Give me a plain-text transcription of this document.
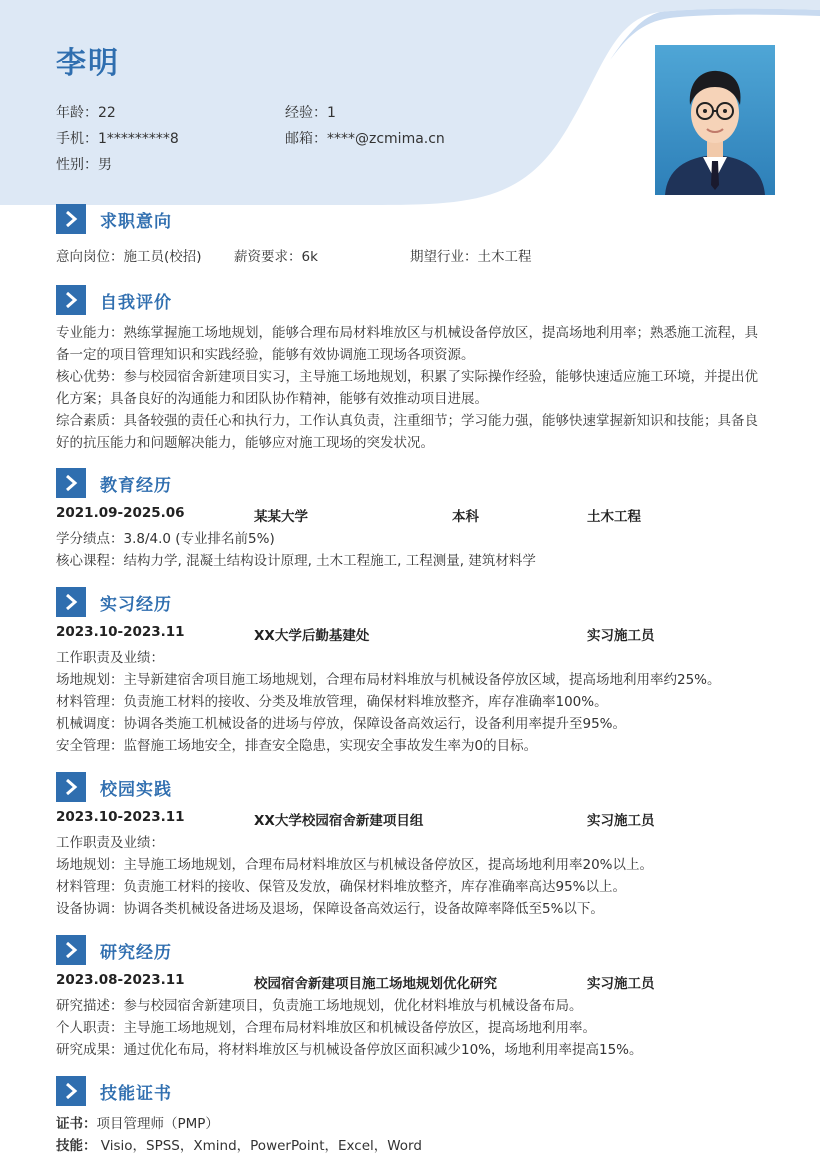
李明
年龄：22	经验：1
手机：1*********8	邮箱：****@zcmima.cn
性别：男
求职意向
意向岗位：施工员(校招) 薪资要求：6k	期望行业：土木工程
自我评价
专业能力：熟练掌握施工场地规划，能够合理布局材料堆放区与机械设备停放区，提高场地利用率；熟悉施工流程，具备一定的项目管理知识和实践经验，能够有效协调施工现场各项资源。
核心优势：参与校园宿舍新建项目实习，主导施工场地规划，积累了实际操作经验，能够快速适应施工环境，并提出优化方案；具备良好的沟通能力和团队协作精神，能够有效推动项目进展。
综合素质：具备较强的责任心和执行力，工作认真负责，注重细节；学习能力强，能够快速掌握新知识和技能；具备良好的抗压能力和问题解决能力，能够应对施工现场的突发状况。
教育经历
2021.09-2025.06	某某大学	本科	土木工程
学分绩点：3.8/4.0 (专业排名前5%)
核心课程：结构力学, 混凝土结构设计原理, 土木工程施工, 工程测量, 建筑材料学
实习经历
2023.10-2023.11	XX大学后勤基建处	实习施工员
工作职责及业绩：
场地规划：主导新建宿舍项目施工场地规划，合理布局材料堆放与机械设备停放区域，提高场地利用率约25%。
材料管理：负责施工材料的接收、分类及堆放管理，确保材料堆放整齐，库存准确率100%。
机械调度：协调各类施工机械设备的进场与停放，保障设备高效运行，设备利用率提升至95%。
安全管理：监督施工场地安全，排查安全隐患，实现安全事故发生率为0的目标。
校园实践
2023.10-2023.11	XX大学校园宿舍新建项目组	实习施工员
工作职责及业绩：
场地规划：主导施工场地规划，合理布局材料堆放区与机械设备停放区，提高场地利用率20%以上。
材料管理：负责施工材料的接收、保管及发放，确保材料堆放整齐，库存准确率高达95%以上。
设备协调：协调各类机械设备进场及退场，保障设备高效运行，设备故障率降低至5%以下。
研究经历
2023.08-2023.11	校园宿舍新建项目施工场地规划优化研究	实习施工员
研究描述：参与校园宿舍新建项目，负责施工场地规划，优化材料堆放与机械设备布局。
个人职责：主导施工场地规划，合理布局材料堆放区和机械设备停放区，提高场地利用率。
研究成果：通过优化布局，将材料堆放区与机械设备停放区面积减少10%，场地利用率提高15%。
技能证书
证书：项目管理师（PMP）
技能： Visio，SPSS，Xmind，PowerPoint，Excel，Word
